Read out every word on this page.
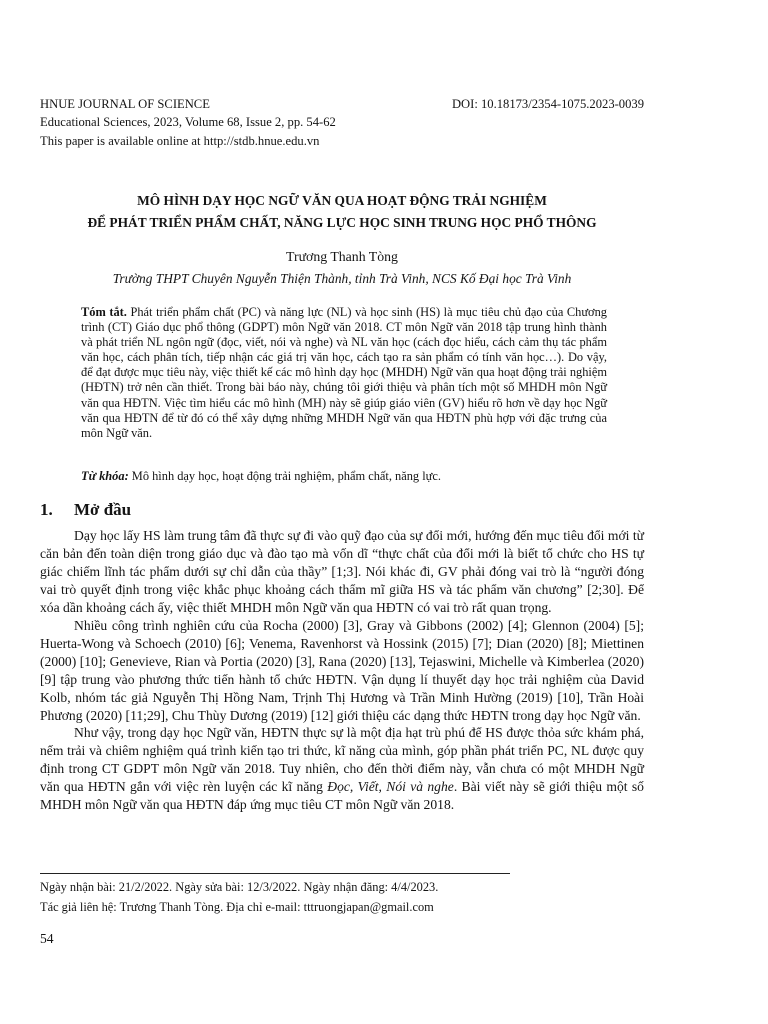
HNUE JOURNAL OF SCIENCE	DOI: 10.18173/2354-1075.2023-0039
Educational Sciences, 2023, Volume 68, Issue 2, pp. 54-62
This paper is available online at http://stdb.hnue.edu.vn
MÔ HÌNH DẠY HỌC NGỮ VĂN QUA HOẠT ĐỘNG TRẢI NGHIỆM
ĐỂ PHÁT TRIỂN PHẨM CHẤT, NĂNG LỰC HỌC SINH TRUNG HỌC PHỔ THÔNG
Trương Thanh Tòng
Trường THPT Chuyên Nguyễn Thiện Thành, tỉnh Trà Vinh, NCS Kố Đại học Trà Vinh
Tóm tắt. Phát triển phẩm chất (PC) và năng lực (NL) và học sinh (HS) là mục tiêu chủ đạo của Chương trình (CT) Giáo dục phổ thông (GDPT) môn Ngữ văn 2018. CT môn Ngữ văn 2018 tập trung hình thành và phát triển NL ngôn ngữ (đọc, viết, nói và nghe) và NL văn học (cách đọc hiểu, cách cảm thụ tác phẩm văn học, cách phân tích, tiếp nhận các giá trị văn học, cách tạo ra sản phẩm có tính văn học…). Do vậy, để đạt được mục tiêu này, việc thiết kế các mô hình dạy học (MHDH) Ngữ văn qua hoạt động trải nghiệm (HĐTN) trở nên cần thiết. Trong bài báo này, chúng tôi giới thiệu và phân tích một số MHDH môn Ngữ văn qua HĐTN. Việc tìm hiểu các mô hình (MH) này sẽ giúp giáo viên (GV) hiểu rõ hơn về dạy học Ngữ văn qua HĐTN để từ đó có thể xây dựng những MHDH Ngữ văn qua HĐTN phù hợp với đặc trưng của môn Ngữ văn.
Từ khóa: Mô hình dạy học, hoạt động trải nghiệm, phẩm chất, năng lực.
1. Mở đầu

Dạy học lấy HS làm trung tâm đã thực sự đi vào quỹ đạo của sự đổi mới, hướng đến mục tiêu đổi mới từ căn bản đến toàn diện trong giáo dục và đào tạo mà vốn dĩ “thực chất của đổi mới là biết tổ chức cho HS tự giác chiếm lĩnh tác phẩm dưới sự chỉ dẫn của thầy” [1;3]. Nói khác đi, GV phải đóng vai trò là “người đóng vai trò quyết định trong việc khắc phục khoảng cách thẩm mĩ giữa HS và tác phẩm văn chương” [2;30]. Để xóa dần khoảng cách ấy, việc thiết MHDH môn Ngữ văn qua HĐTN có vai trò rất quan trọng.

Nhiều công trình nghiên cứu của Rocha (2000) [3], Gray và Gibbons (2002) [4]; Glennon (2004) [5]; Huerta-Wong và Schoech (2010) [6]; Venema, Ravenhorst và Hossink (2015) [7]; Dian (2020) [8]; Miettinen (2000) [10]; Genevieve, Rian và Portia (2020) [3], Rana (2020) [13], Tejaswini, Michelle và Kimberlea (2020) [9] tập trung vào phương thức tiến hành tổ chức HĐTN. Vận dụng lí thuyết dạy học trải nghiệm của David Kolb, nhóm tác giả Nguyễn Thị Hồng Nam, Trịnh Thị Hương và Trần Minh Hường (2019) [10], Trần Hoài Phương (2020) [11;29], Chu Thùy Dương (2019) [12] giới thiệu các dạng thức HĐTN trong dạy học Ngữ văn.

Như vậy, trong dạy học Ngữ văn, HĐTN thực sự là một địa hạt trù phú để HS được thỏa sức khám phá, nếm trải và chiêm nghiệm quá trình kiến tạo tri thức, kĩ năng của mình, góp phần phát triển PC, NL được quy định trong CT GDPT môn Ngữ văn 2018. Tuy nhiên, cho đến thời điểm này, vẫn chưa có một MHDH Ngữ văn qua HĐTN gắn với việc rèn luyện các kĩ năng Đọc, Viết, Nói và nghe. Bài viết này sẽ giới thiệu một số MHDH môn Ngữ văn qua HĐTN đáp ứng mục tiêu CT môn Ngữ văn 2018.

Ngày nhận bài: 21/2/2022. Ngày sửa bài: 12/3/2022. Ngày nhận đăng: 4/4/2023.
Tác giả liên hệ: Trương Thanh Tòng. Địa chỉ e-mail: tttruongjapan@gmail.com
54
